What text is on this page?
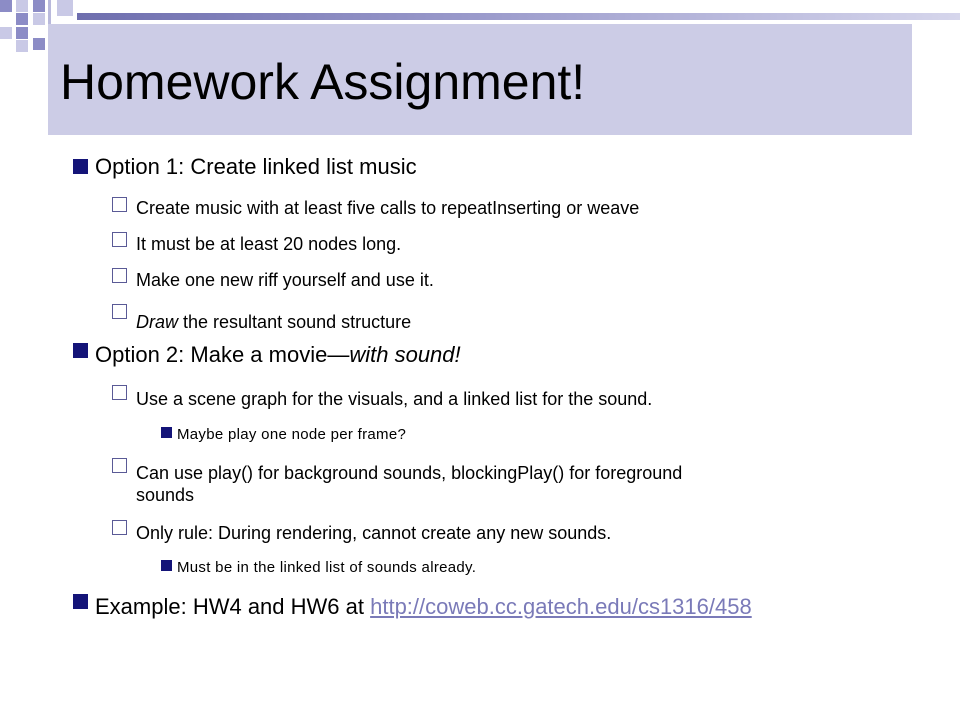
Homework Assignment!
Option 1: Create linked list music
Create music with at least five calls to repeatInserting or weave
It must be at least 20 nodes long.
Make one new riff yourself and use it.
Draw the resultant sound structure
Option 2: Make a movie—with sound!
Use a scene graph for the visuals, and a linked list for the sound.
Maybe play one node per frame?
Can use play() for background sounds, blockingPlay() for foreground
sounds
Only rule: During rendering, cannot create any new sounds.
Must be in the linked list of sounds already.
Example: HW4 and HW6 at http://coweb.cc.gatech.edu/cs1316/458
